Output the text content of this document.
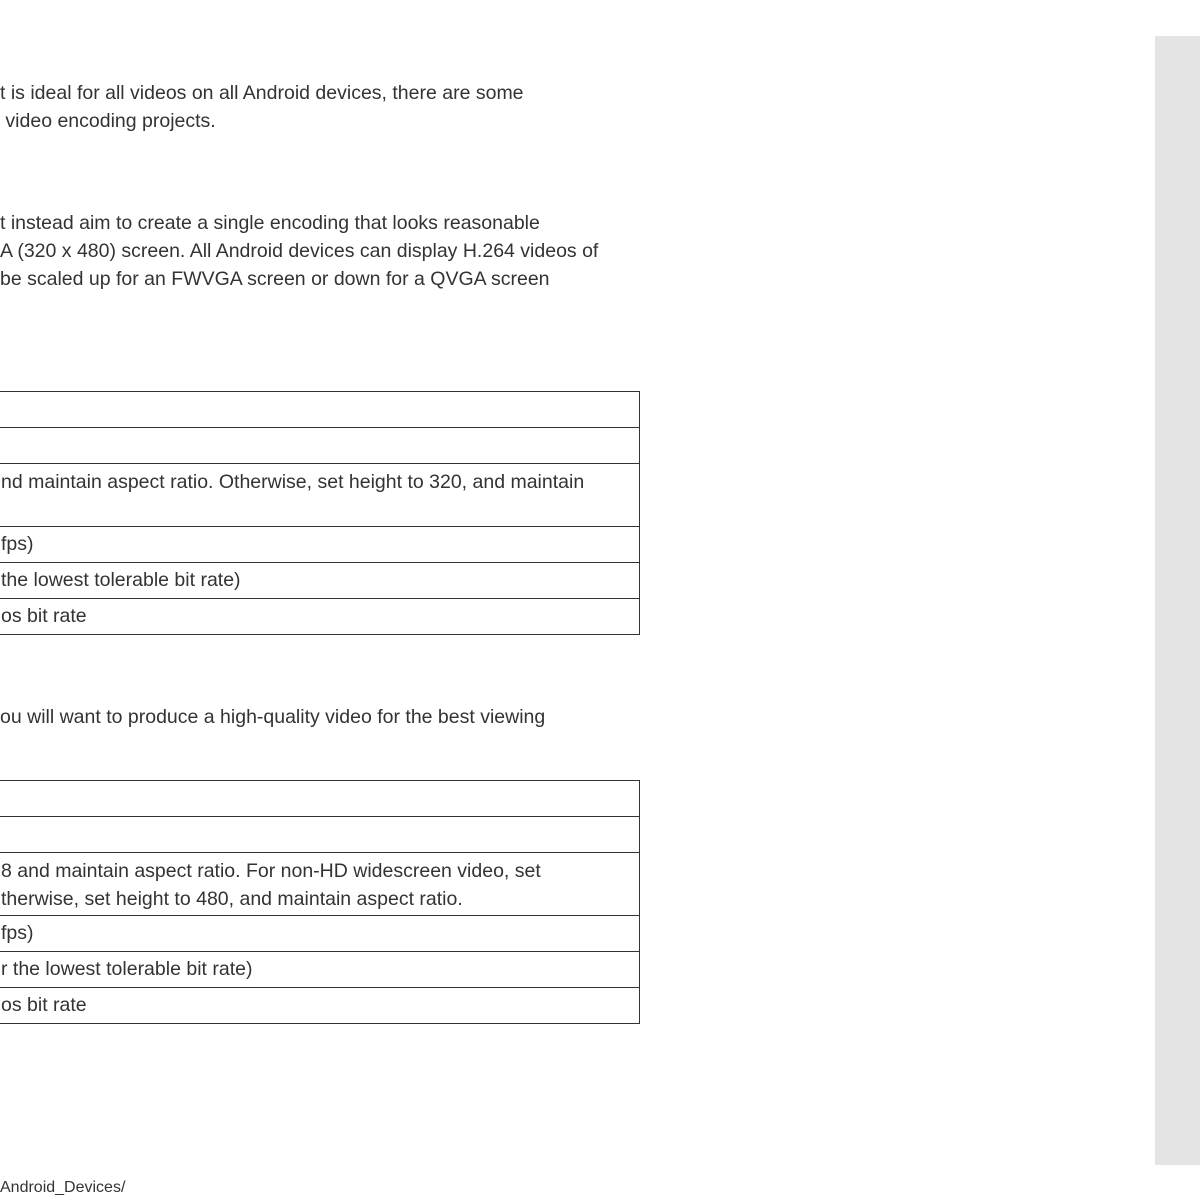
t is ideal for all videos on all Android devices, there are some
video encoding projects.
t instead aim to create a single encoding that looks reasonable
A (320 x 480) screen. All Android devices can display H.264 videos of
be scaled up for an FWVGA screen or down for a QVGA screen

nd maintain aspect ratio. Otherwise, set height to 320, and maintain

fps)

the lowest tolerable bit rate)

os bit rate
ou will want to produce a high-quality video for the best viewing

8 and maintain aspect ratio. For non-HD widescreen video, set
therwise, set height to 480, and maintain aspect ratio.

fps)

r the lowest tolerable bit rate)

os bit rate
Android_Devices/
